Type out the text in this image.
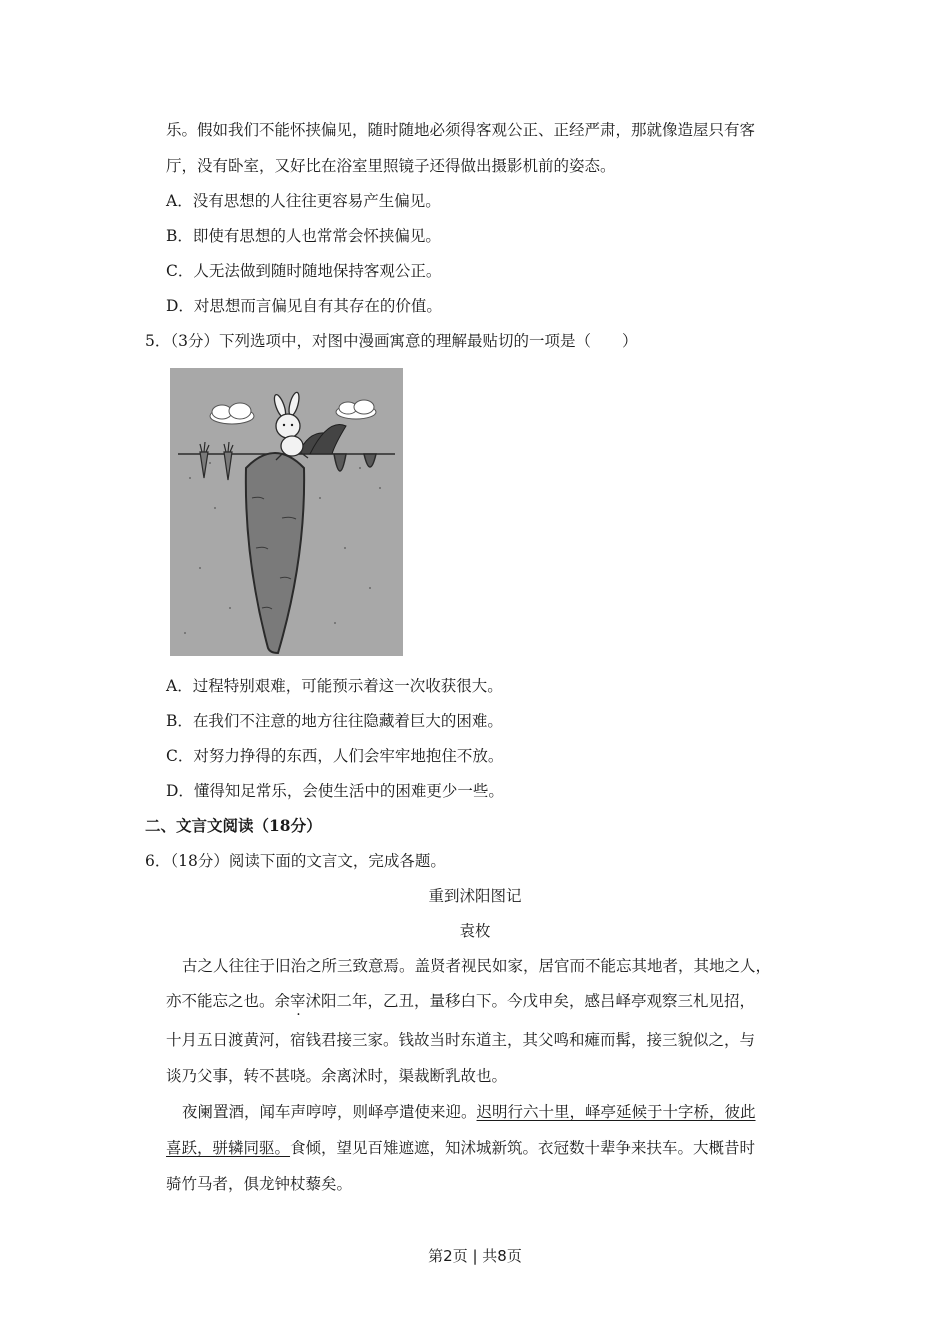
乐。假如我们不能怀挟偏见，随时随地必须得客观公正、正经严肃，那就像造屋只有客
厅，没有卧室，又好比在浴室里照镜子还得做出摄影机前的姿态。
A．没有思想的人往往更容易产生偏见。
B．即使有思想的人也常常会怀挟偏见。
C．人无法做到随时随地保持客观公正。
D．对思想而言偏见自有其存在的价值。
5．（3分）下列选项中，对图中漫画寓意的理解最贴切的一项是（　　）
A．过程特别艰难，可能预示着这一次收获很大。
B．在我们不注意的地方往往隐藏着巨大的困难。
C．对努力挣得的东西，人们会牢牢地抱住不放。
D．懂得知足常乐，会使生活中的困难更少一些。
二、文言文阅读（18分）
6．（18分）阅读下面的文言文，完成各题。
重到沭阳图记
袁枚
古之人往往于旧治之所三致意焉。盖贤者视民如家，居官而不能忘其地者，其地之人，
亦不能忘之也。余宰沭阳二年，乙丑，量移白下。今戊申矣，感吕峄亭观察三札见招，
十月五日渡黄河，宿钱君接三家。钱故当时东道主，其父鸣和瘫而髯，接三貌似之，与
谈乃父事，转不甚哓。余离沭时，渠裁断乳故也。
夜阑置酒，闻车声哼哼，则峄亭遣使来迎。迟明行六十里，峄亭延候于十字桥，彼此
喜跃，骈辚同驱。食倾，望见百雉遮遮，知沭城新筑。衣冠数十辈争来扶车。大概昔时
骑竹马者，俱龙钟杖藜矣。
第2页 | 共8页
